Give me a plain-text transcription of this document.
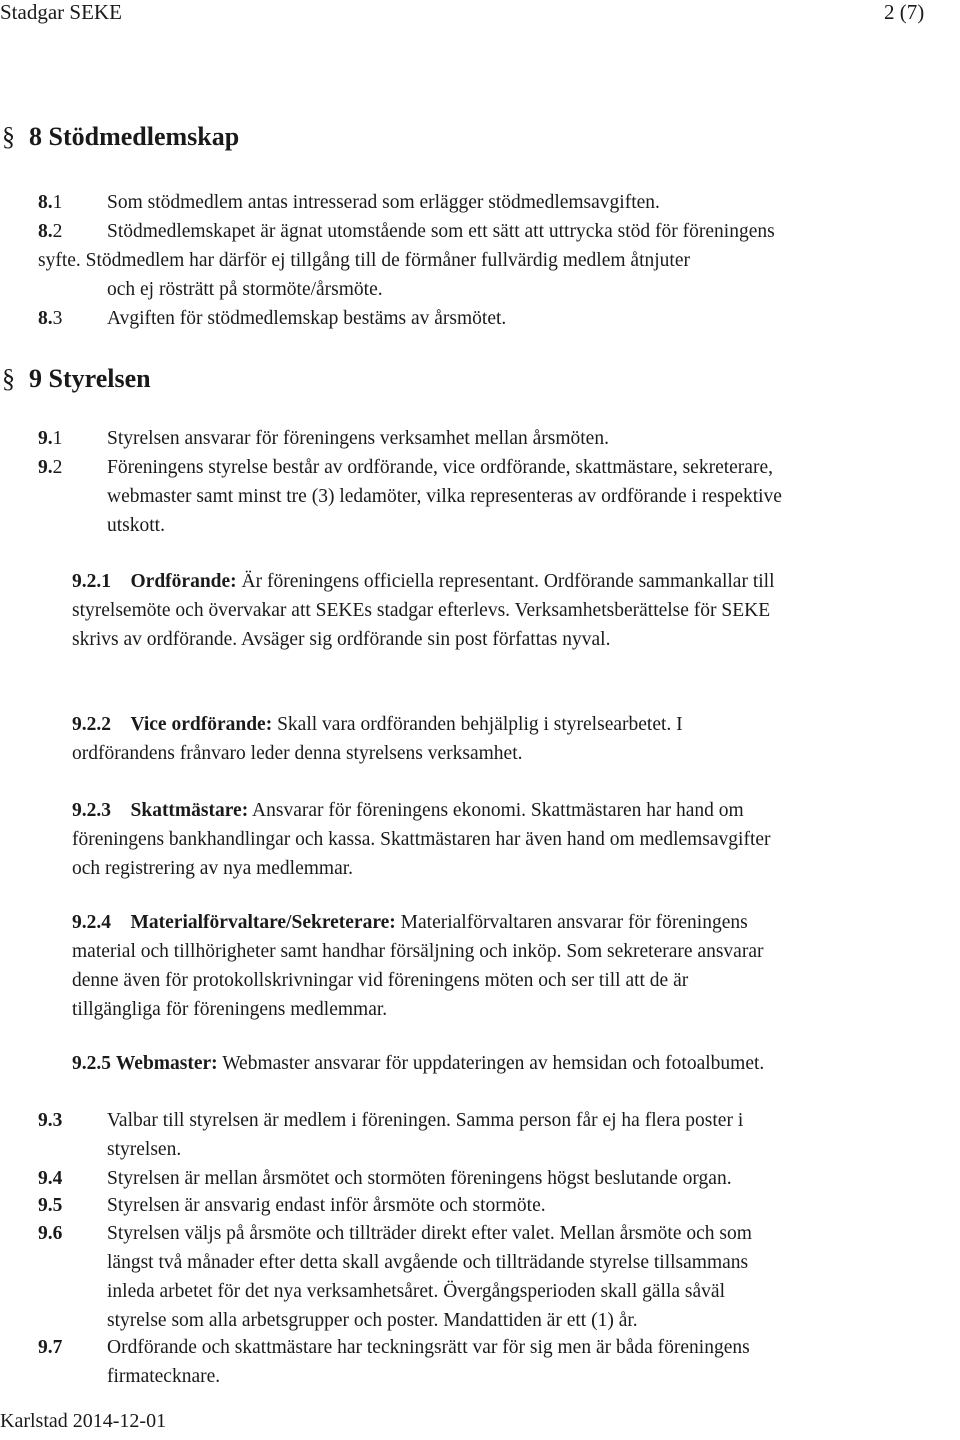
Stadgar SEKE	2 (7)
§ 8 Stödmedlemskap
8.1 Som stödmedlem antas intresserad som erlägger stödmedlemsavgiften.
8.2 Stödmedlemskapet är ägnat utomstående som ett sätt att uttrycka stöd för föreningens
syfte. Stödmedlem har därför ej tillgång till de förmåner fullvärdig medlem åtnjuter
och ej rösträtt på stormöte/årsmöte.
8.3 Avgiften för stödmedlemskap bestäms av årsmötet.
§ 9 Styrelsen
9.1 Styrelsen ansvarar för föreningens verksamhet mellan årsmöten.
9.2 Föreningens styrelse består av ordförande, vice ordförande, skattmästare, sekreterare,
webmaster samt minst tre (3) ledamöter, vilka representeras av ordförande i respektive
utskott.
9.2.1 Ordförande: Är föreningens officiella representant. Ordförande sammankallar till
styrelsemöte och övervakar att SEKEs stadgar efterlevs. Verksamhetsberättelse för SEKE
skrivs av ordförande. Avsäger sig ordförande sin post författas nyval.
9.2.2 Vice ordförande: Skall vara ordföranden behjälplig i styrelsearbetet. I
ordförandens frånvaro leder denna styrelsens verksamhet.
9.2.3 Skattmästare: Ansvarar för föreningens ekonomi. Skattmästaren har hand om
föreningens bankhandlingar och kassa. Skattmästaren har även hand om medlemsavgifter
och registrering av nya medlemmar.
9.2.4 Materialförvaltare/Sekreterare: Materialförvaltaren ansvarar för föreningens
material och tillhörigheter samt handhar försäljning och inköp. Som sekreterare ansvarar
denne även för protokollskrivningar vid föreningens möten och ser till att de är
tillgängliga för föreningens medlemmar.
9.2.5 Webmaster: Webmaster ansvarar för uppdateringen av hemsidan och fotoalbumet.
9.3 Valbar till styrelsen är medlem i föreningen. Samma person får ej ha flera poster i
styrelsen.
9.4 Styrelsen är mellan årsmötet och stormöten föreningens högst beslutande organ.
9.5 Styrelsen är ansvarig endast inför årsmöte och stormöte.
9.6 Styrelsen väljs på årsmöte och tillträder direkt efter valet. Mellan årsmöte och som
längst två månader efter detta skall avgående och tillträdande styrelse tillsammans
inleda arbetet för det nya verksamhetsåret. Övergångsperioden skall gälla såväl
styrelse som alla arbetsgrupper och poster. Mandattiden är ett (1) år.
9.7 Ordförande och skattmästare har teckningsrätt var för sig men är båda föreningens
firmatecknare.
Karlstad 2014-12-01
